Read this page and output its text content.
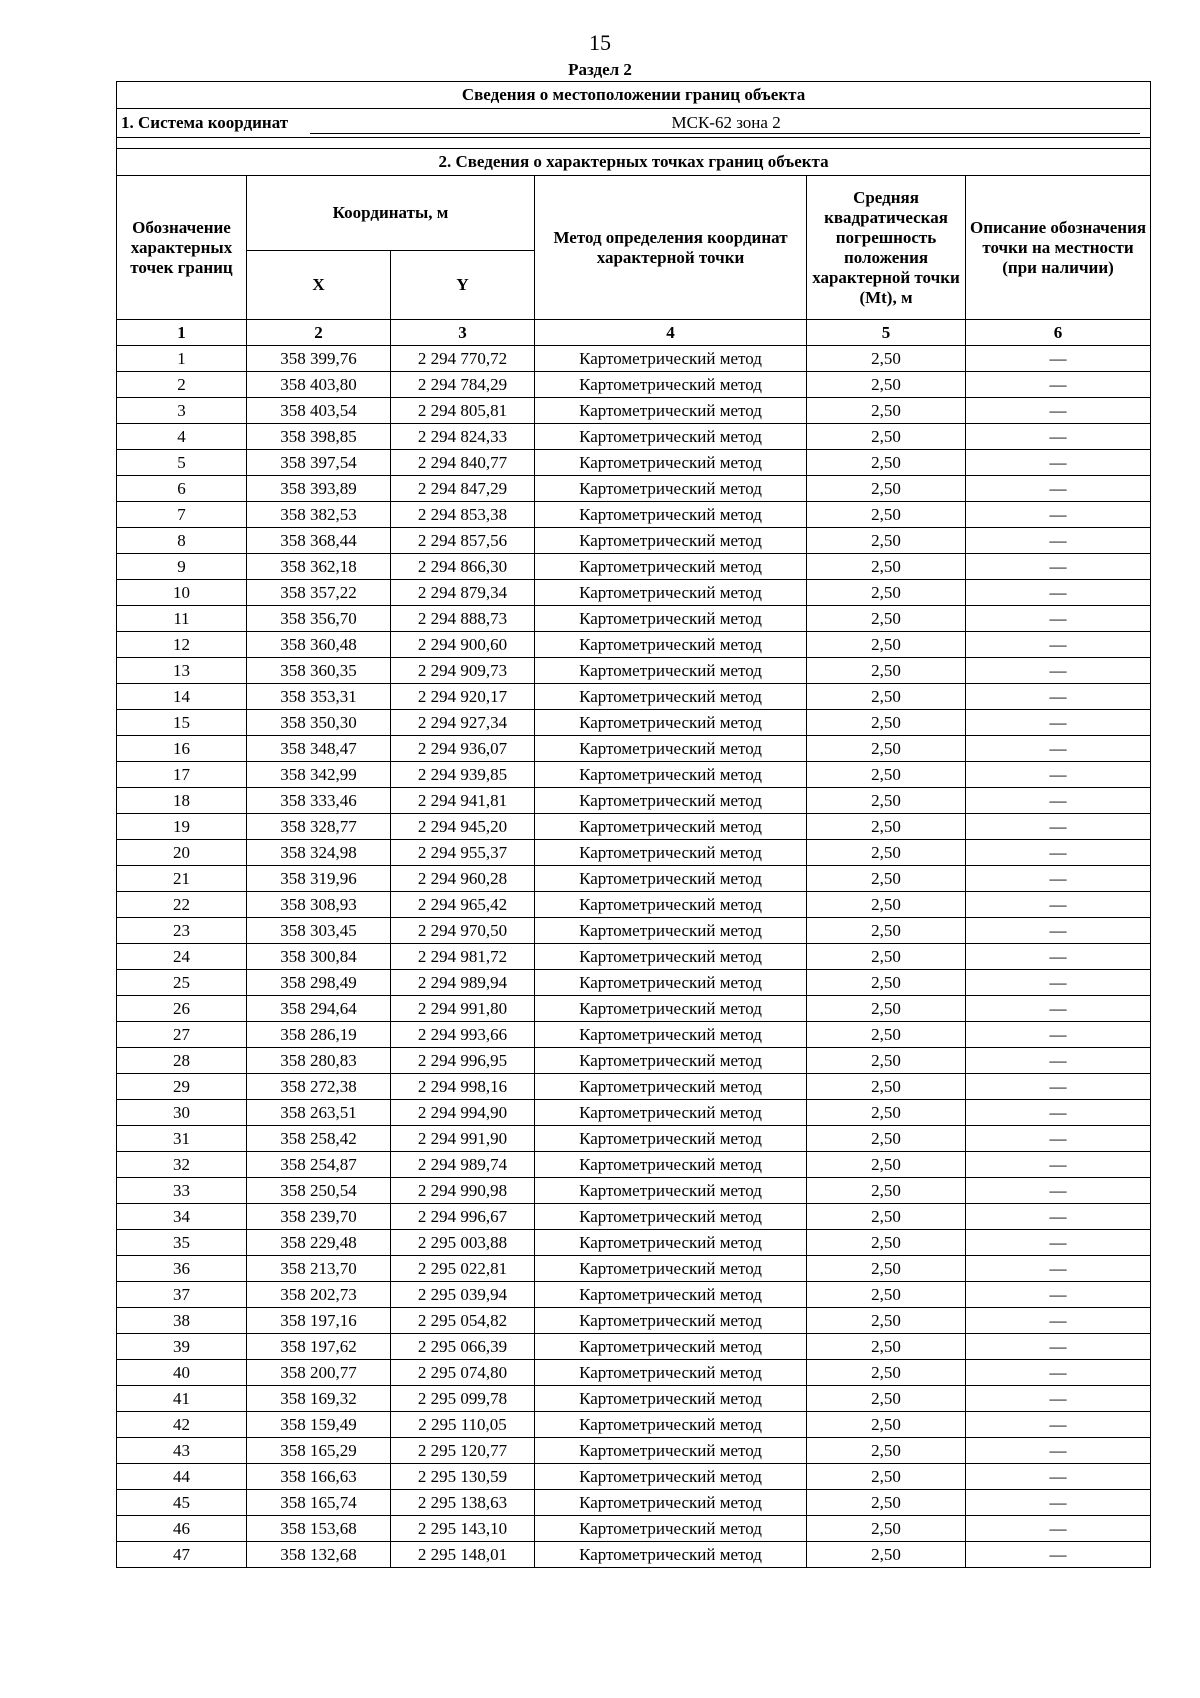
15
Раздел 2
Сведения о местоположении границ объекта					

1. Система координат МСК-62 зона 2					

2. Сведения о характерных точках границ объекта					
Обозначение характерных точек границ	Координаты, м		Метод определения координат характерной точки	Средняя квадратическая погрешность положения характерной точки (Mt), м	Описание обозначения точки на местности (при наличии)
	X	Y			
1	2	3	4	5	6
1	358 399,76	2 294 770,72	Картометрический метод	2,50	—
2	358 403,80	2 294 784,29	Картометрический метод	2,50	—
3	358 403,54	2 294 805,81	Картометрический метод	2,50	—
4	358 398,85	2 294 824,33	Картометрический метод	2,50	—
5	358 397,54	2 294 840,77	Картометрический метод	2,50	—
6	358 393,89	2 294 847,29	Картометрический метод	2,50	—
7	358 382,53	2 294 853,38	Картометрический метод	2,50	—
8	358 368,44	2 294 857,56	Картометрический метод	2,50	—
9	358 362,18	2 294 866,30	Картометрический метод	2,50	—
10	358 357,22	2 294 879,34	Картометрический метод	2,50	—
11	358 356,70	2 294 888,73	Картометрический метод	2,50	—
12	358 360,48	2 294 900,60	Картометрический метод	2,50	—
13	358 360,35	2 294 909,73	Картометрический метод	2,50	—
14	358 353,31	2 294 920,17	Картометрический метод	2,50	—
15	358 350,30	2 294 927,34	Картометрический метод	2,50	—
16	358 348,47	2 294 936,07	Картометрический метод	2,50	—
17	358 342,99	2 294 939,85	Картометрический метод	2,50	—
18	358 333,46	2 294 941,81	Картометрический метод	2,50	—
19	358 328,77	2 294 945,20	Картометрический метод	2,50	—
20	358 324,98	2 294 955,37	Картометрический метод	2,50	—
21	358 319,96	2 294 960,28	Картометрический метод	2,50	—
22	358 308,93	2 294 965,42	Картометрический метод	2,50	—
23	358 303,45	2 294 970,50	Картометрический метод	2,50	—
24	358 300,84	2 294 981,72	Картометрический метод	2,50	—
25	358 298,49	2 294 989,94	Картометрический метод	2,50	—
26	358 294,64	2 294 991,80	Картометрический метод	2,50	—
27	358 286,19	2 294 993,66	Картометрический метод	2,50	—
28	358 280,83	2 294 996,95	Картометрический метод	2,50	—
29	358 272,38	2 294 998,16	Картометрический метод	2,50	—
30	358 263,51	2 294 994,90	Картометрический метод	2,50	—
31	358 258,42	2 294 991,90	Картометрический метод	2,50	—
32	358 254,87	2 294 989,74	Картометрический метод	2,50	—
33	358 250,54	2 294 990,98	Картометрический метод	2,50	—
34	358 239,70	2 294 996,67	Картометрический метод	2,50	—
35	358 229,48	2 295 003,88	Картометрический метод	2,50	—
36	358 213,70	2 295 022,81	Картометрический метод	2,50	—
37	358 202,73	2 295 039,94	Картометрический метод	2,50	—
38	358 197,16	2 295 054,82	Картометрический метод	2,50	—
39	358 197,62	2 295 066,39	Картометрический метод	2,50	—
40	358 200,77	2 295 074,80	Картометрический метод	2,50	—
41	358 169,32	2 295 099,78	Картометрический метод	2,50	—
42	358 159,49	2 295 110,05	Картометрический метод	2,50	—
43	358 165,29	2 295 120,77	Картометрический метод	2,50	—
44	358 166,63	2 295 130,59	Картометрический метод	2,50	—
45	358 165,74	2 295 138,63	Картометрический метод	2,50	—
46	358 153,68	2 295 143,10	Картометрический метод	2,50	—
47	358 132,68	2 295 148,01	Картометрический метод	2,50	—
